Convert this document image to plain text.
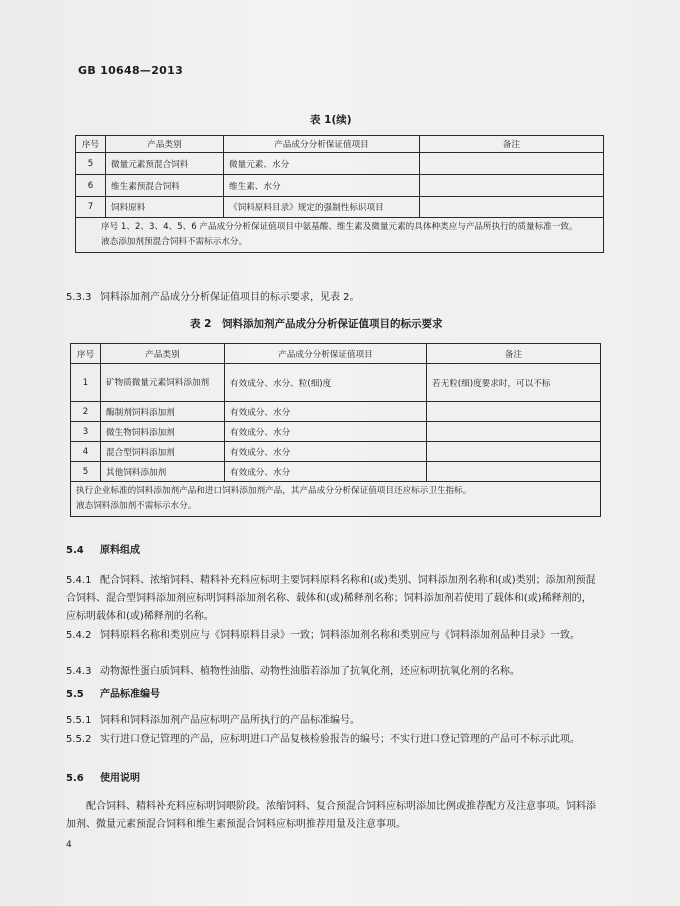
GB 10648—2013
表 1(续)
序号	产品类别	产品成分分析保证值项目	备注
5	微量元素预混合饲料	微量元素、水分	
6	维生素预混合饲料	维生素、水分	
7	饲料原料	《饲料原料目录》规定的强制性标识项目	

序号 1、2、3、4、5、6 产品成分分析保证值项目中氨基酸、维生素及微量元素的具体种类应与产品所执行的质量标准一致。
液态添加剂预混合饲料不需标示水分。			
5.3.3 饲料添加剂产品成分分析保证值项目的标示要求，见表 2。
表 2　饲料添加剂产品成分分析保证值项目的标示要求
序号	产品类别	产品成分分析保证值项目	备注
1	矿物质微量元素饲料添加剂	有效成分、水分、粒(细)度	若无粒(细)度要求时，可以不标
2	酶制剂饲料添加剂	有效成分、水分	
3	微生物饲料添加剂	有效成分、水分	
4	混合型饲料添加剂	有效成分、水分	
5	其他饲料添加剂	有效成分、水分	

执行企业标准的饲料添加剂产品和进口饲料添加剂产品，其产品成分分析保证值项目还应标示卫生指标。
液态饲料添加剂不需标示水分。			
5.4 原料组成
5.4.1 配合饲料、浓缩饲料、精料补充料应标明主要饲料原料名称和(或)类别、饲料添加剂名称和(或)类别；添加剂预混合饲料、混合型饲料添加剂应标明饲料添加剂名称、载体和(或)稀释剂名称；饲料添加剂若使用了载体和(或)稀释剂的，应标明载体和(或)稀释剂的名称。
5.4.2 饲料原料名称和类别应与《饲料原料目录》一致；饲料添加剂名称和类别应与《饲料添加剂品种目录》一致。
5.4.3 动物源性蛋白质饲料、植物性油脂、动物性油脂若添加了抗氧化剂，还应标明抗氧化剂的名称。
5.5 产品标准编号
5.5.1 饲料和饲料添加剂产品应标明产品所执行的产品标准编号。
5.5.2 实行进口登记管理的产品，应标明进口产品复核检验报告的编号；不实行进口登记管理的产品可不标示此项。
5.6 使用说明
配合饲料、精料补充料应标明饲喂阶段。浓缩饲料、复合预混合饲料应标明添加比例或推荐配方及注意事项。饲料添加剂、微量元素预混合饲料和维生素预混合饲料应标明推荐用量及注意事项。
4
